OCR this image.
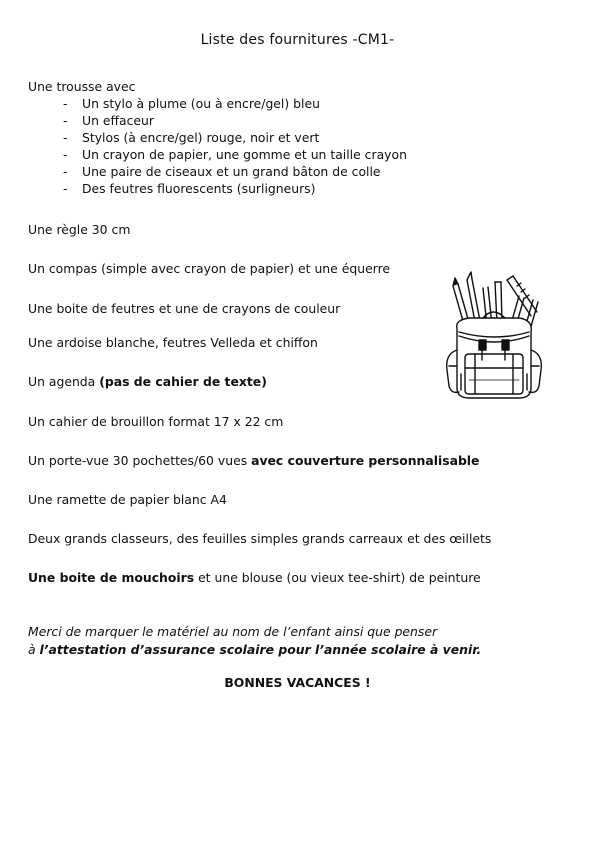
Liste des fournitures -CM1-
Une trousse avec
- Un stylo à plume (ou à encre/gel) bleu
- Un effaceur
- Stylos (à encre/gel) rouge, noir et vert
- Un crayon de papier, une gomme et un taille crayon
- Une paire de ciseaux et un grand bâton de colle
- Des feutres fluorescents (surligneurs)
Une règle 30 cm
Un compas (simple avec crayon de papier) et une équerre
Une boite de feutres et une de crayons de couleur
Une ardoise blanche, feutres Velleda et chiffon
Un agenda (pas de cahier de texte)
Un cahier de brouillon format 17 x 22 cm
Un porte-vue 30 pochettes/60 vues avec couverture personnalisable
Une ramette de papier blanc A4
Deux grands classeurs, des feuilles simples grands carreaux et des œillets
Une boite de mouchoirs et une blouse (ou vieux tee-shirt) de peinture
Merci de marquer le matériel au nom de l’enfant ainsi que penser
à l’attestation d’assurance scolaire pour l’année scolaire à venir.
BONNES VACANCES !
